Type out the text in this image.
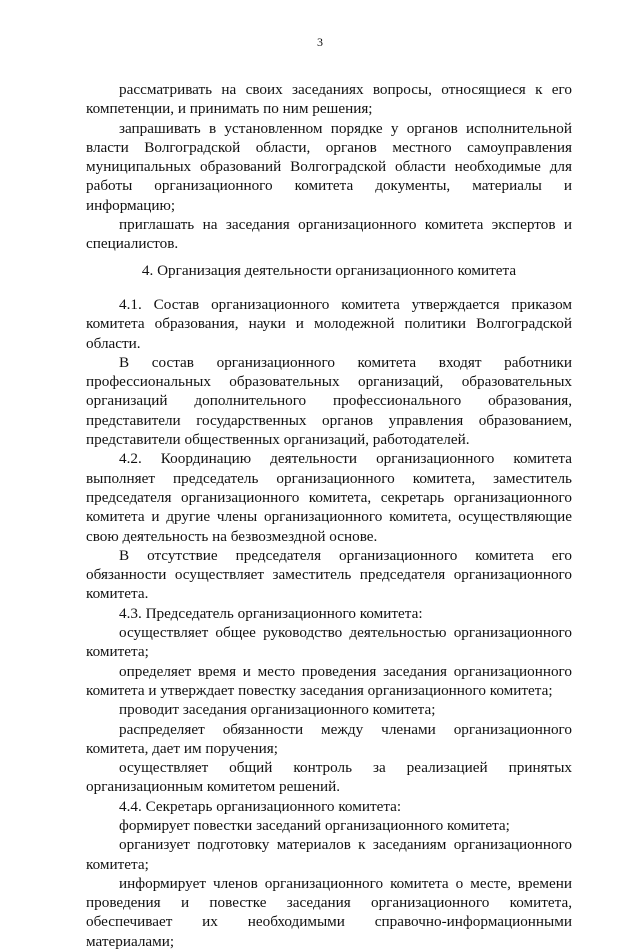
3

рассматривать на своих заседаниях вопросы, относящиеся к его компетенции, и принимать по ним решения;

запрашивать в установленном порядке у органов исполнительной власти Волгоградской области, органов местного самоуправления муниципальных образований Волгоградской области необходимые для работы организационного комитета документы, материалы и информацию;

приглашать на заседания организационного комитета экспертов и специалистов.

4. Организация деятельности организационного комитета

4.1. Состав организационного комитета утверждается приказом комитета образования, науки и молодежной политики Волгоградской области.

В состав организационного комитета входят работники профессиональных образовательных организаций, образовательных организаций дополнительного профессионального образования, представители государственных органов управления образованием, представители общественных организаций, работодателей.

4.2. Координацию деятельности организационного комитета выполняет председатель организационного комитета, заместитель председателя организационного комитета, секретарь организационного комитета и другие члены организационного комитета, осуществляющие свою деятельность на безвозмездной основе.

В отсутствие председателя организационного комитета его обязанности осуществляет заместитель председателя организационного комитета.

4.3. Председатель организационного комитета:

осуществляет общее руководство деятельностью организационного комитета;

определяет время и место проведения заседания организационного комитета и утверждает повестку заседания организационного комитета;

проводит заседания организационного комитета;

распределяет обязанности между членами организационного комитета, дает им поручения;

осуществляет общий контроль за реализацией принятых организационным комитетом решений.

4.4. Секретарь организационного комитета:

формирует повестки заседаний организационного комитета;

организует подготовку материалов к заседаниям организационного комитета;

информирует членов организационного комитета о месте, времени проведения и повестке заседания организационного комитета, обеспечивает их необходимыми справочно-информационными материалами;
